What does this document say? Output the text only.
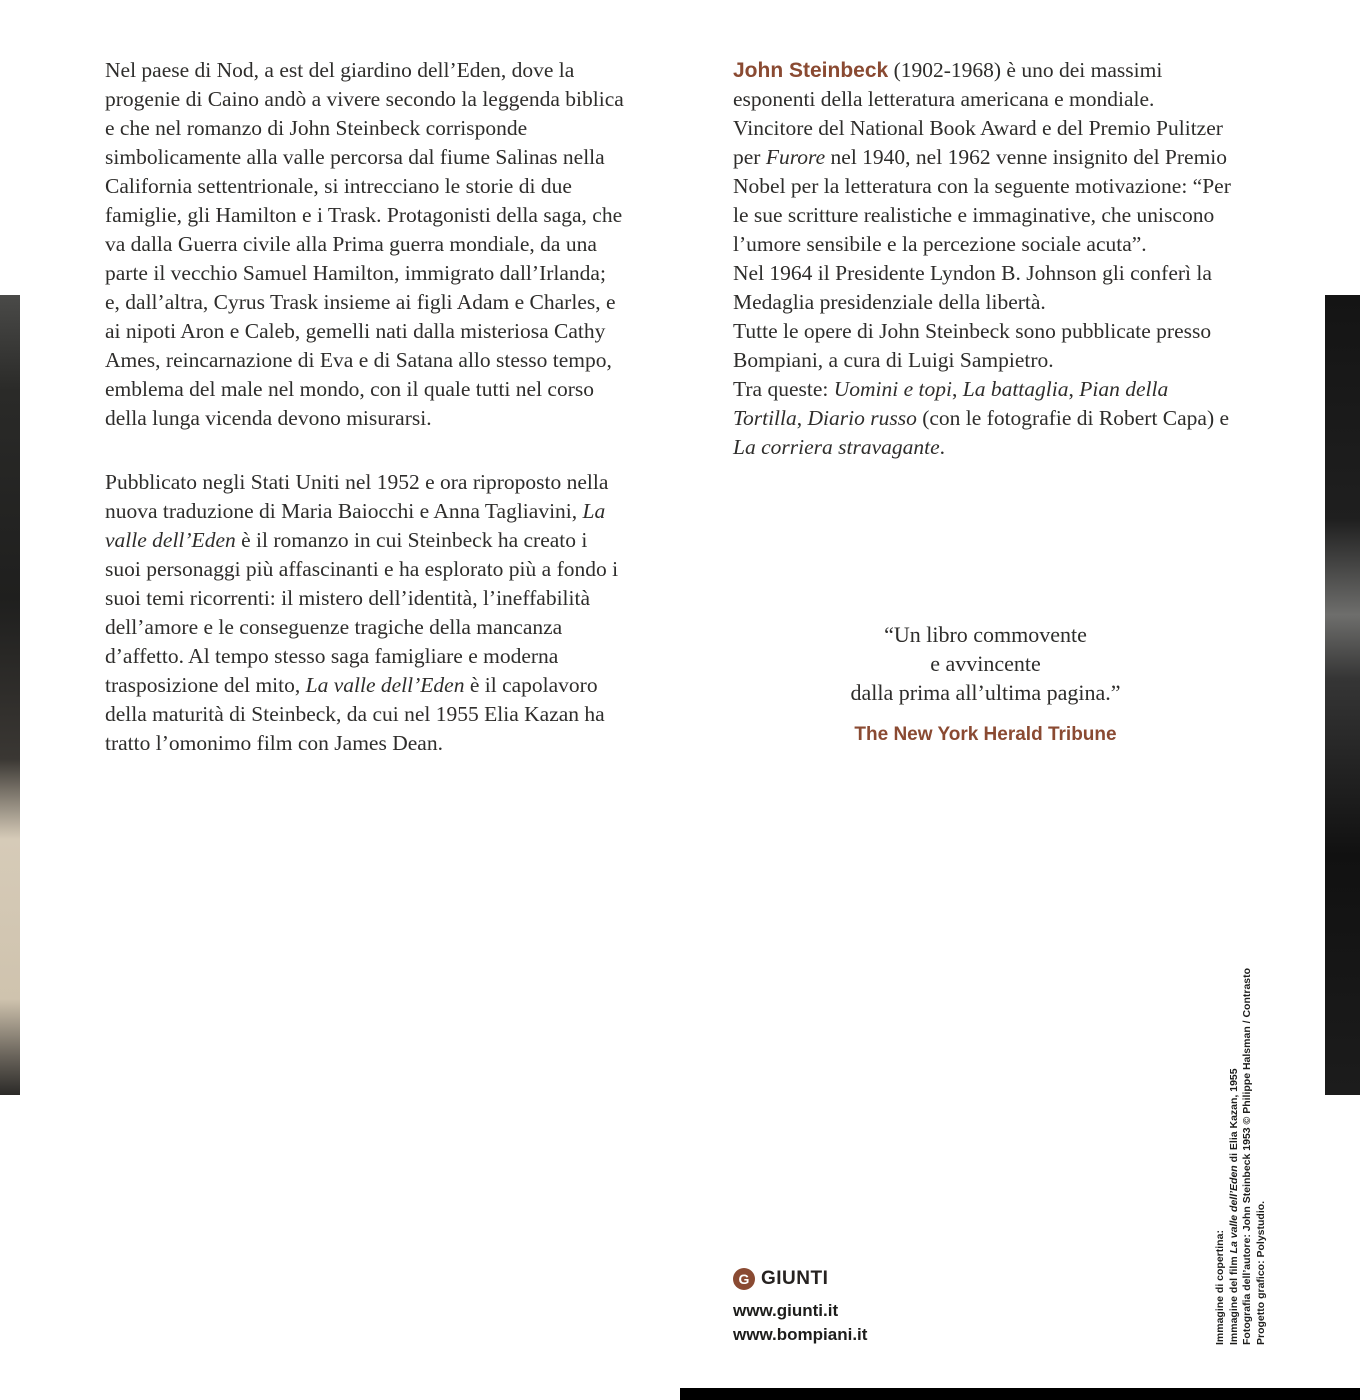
Nel paese di Nod, a est del giardino dell’Eden, dove la progenie di Caino andò a vivere secondo la leggenda biblica e che nel romanzo di John Steinbeck corrisponde simbolicamente alla valle percorsa dal fiume Salinas nella California settentrionale, si intrecciano le storie di due famiglie, gli Hamilton e i Trask. Protagonisti della saga, che va dalla Guerra civile alla Prima guerra mondiale, da una parte il vecchio Samuel Hamilton, immigrato dall’Irlanda; e, dall’altra, Cyrus Trask insieme ai figli Adam e Charles, e ai nipoti Aron e Caleb, gemelli nati dalla misteriosa Cathy Ames, reincarnazione di Eva e di Satana allo stesso tempo, emblema del male nel mondo, con il quale tutti nel corso della lunga vicenda devono misurarsi.

Pubblicato negli Stati Uniti nel 1952 e ora riproposto nella nuova traduzione di Maria Baiocchi e Anna Tagliavini, La valle dell’Eden è il romanzo in cui Steinbeck ha creato i suoi personaggi più affascinanti e ha esplorato più a fondo i suoi temi ricorrenti: il mistero dell’identità, l’ineffabilità dell’amore e le conseguenze tragiche della mancanza d’affetto. Al tempo stesso saga famigliare e moderna trasposizione del mito, La valle dell’Eden è il capolavoro della maturità di Steinbeck, da cui nel 1955 Elia Kazan ha tratto l’omonimo film con James Dean.

John Steinbeck (1902-1968) è uno dei massimi esponenti della letteratura americana e mondiale. Vincitore del National Book Award e del Premio Pulitzer per Furore nel 1940, nel 1962 venne insignito del Premio Nobel per la letteratura con la seguente motivazione: “Per le sue scritture realistiche e immaginative, che uniscono l’umore sensibile e la percezione sociale acuta”.
Nel 1964 il Presidente Lyndon B. Johnson gli conferì la Medaglia presidenziale della libertà.
Tutte le opere di John Steinbeck sono pubblicate presso Bompiani, a cura di Luigi Sampietro.
Tra queste: Uomini e topi, La battaglia, Pian della Tortilla, Diario russo (con le fotografie di Robert Capa) e La corriera stravagante.

“Un libro commovente
e avvincente
dalla prima all’ultima pagina.”
The New York Herald Tribune
G GIUNTI
www.giunti.it
www.bompiani.it	Immagine di copertina: Immagine del film La valle dell’Eden di Elia Kazan, 1955 Fotografia dell’autore: John Steinbeck 1953 © Philippe Halsman / Contrasto Progetto grafico: Polystudio.
